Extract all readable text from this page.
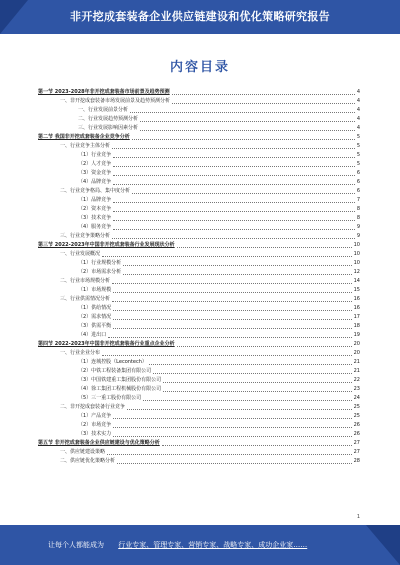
非开挖成套装备企业供应链建设和优化策略研究报告
内容目录
第一节 2023-2028年非开挖成套装备市场前景及趋势预测	4
一、非开挖成套装备市场发展前景及趋势预测分析	4
一、行业发展前景分析	4
二、行业发展趋势预测分析	4
三、行业发展影响因素分析	4
第二节 我国非开挖成套装备企业竞争分析	5
一、行业竞争主体分析	5
（1）行业竞争	5
（2）人才竞争	5
（3）资金竞争	6
（4）品牌竞争	6
二、行业竞争格局、集中度分析	6
（1）品牌竞争	7
（2）资本竞争	8
（3）技术竞争	8
（4）服务竞争	9
三、行业竞争策略分析	9
第三节 2022-2023年中国非开挖成套装备行业发展现状分析	10
一、行业发展概况	10
（1）行业规模分析	10
（2）市场需求分析	12
二、行业市场规模分析	14
（1）市场规模	15
三、行业供需情况分析	16
（1）供给情况	16
（2）需求情况	17
（3）供需平衡	18
（4）进出口	19
第四节 2022-2023年中国非开挖成套装备行业重点企业分析	20
一、行业企业分布	20
（1）连城控股（Lecontech）	21
（2）中铁工程装备集团有限公司	21
（3）中国铁建重工集团股份有限公司	22
（4）徐工集团工程机械股份有限公司	23
（5）三一重工股份有限公司	24
二、非开挖成套装备行业竞争	25
（1）产品竞争	25
（2）市场竞争	26
（3）技术实力	26
第五节 非开挖成套装备企业供应链建设与优化策略分析	27
一、供应链建设策略	27
二、供应链优化策略分析	28
1
让每个人都能成为 行业专家、管理专家、营销专家、战略专家、成功企业家……
